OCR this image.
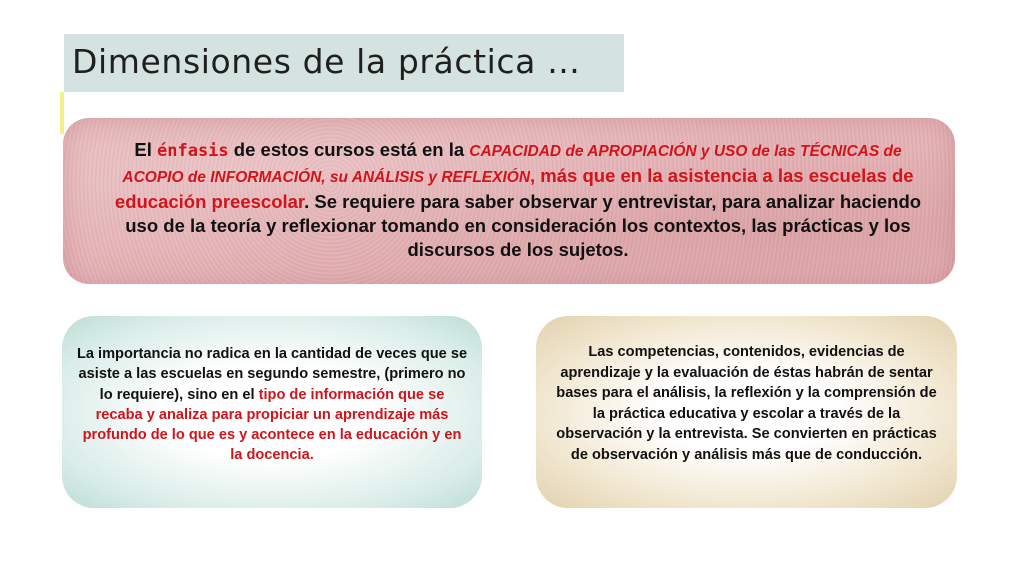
Dimensiones de la práctica …
El énfasis de estos cursos está en la CAPACIDAD de APROPIACIÓN y USO de las TÉCNICAS de ACOPIO de INFORMACIÓN, su ANÁLISIS y REFLEXIÓN, más que en la asistencia a las escuelas de educación preescolar. Se requiere para saber observar y entrevistar, para analizar haciendo uso de la teoría y reflexionar tomando en consideración los contextos, las prácticas y los discursos de los sujetos.
La importancia no radica en la cantidad de veces que se asiste a las escuelas en segundo semestre, (primero no lo requiere), sino en el tipo de información que se recaba y analiza para propiciar un aprendizaje más profundo de lo que es y acontece en la educación y en la docencia.
Las competencias, contenidos, evidencias de aprendizaje y la evaluación de éstas habrán de sentar bases para el análisis, la reflexión y la comprensión de la práctica educativa y escolar a través de la observación y la entrevista. Se convierten en prácticas de observación y análisis más que de conducción.
